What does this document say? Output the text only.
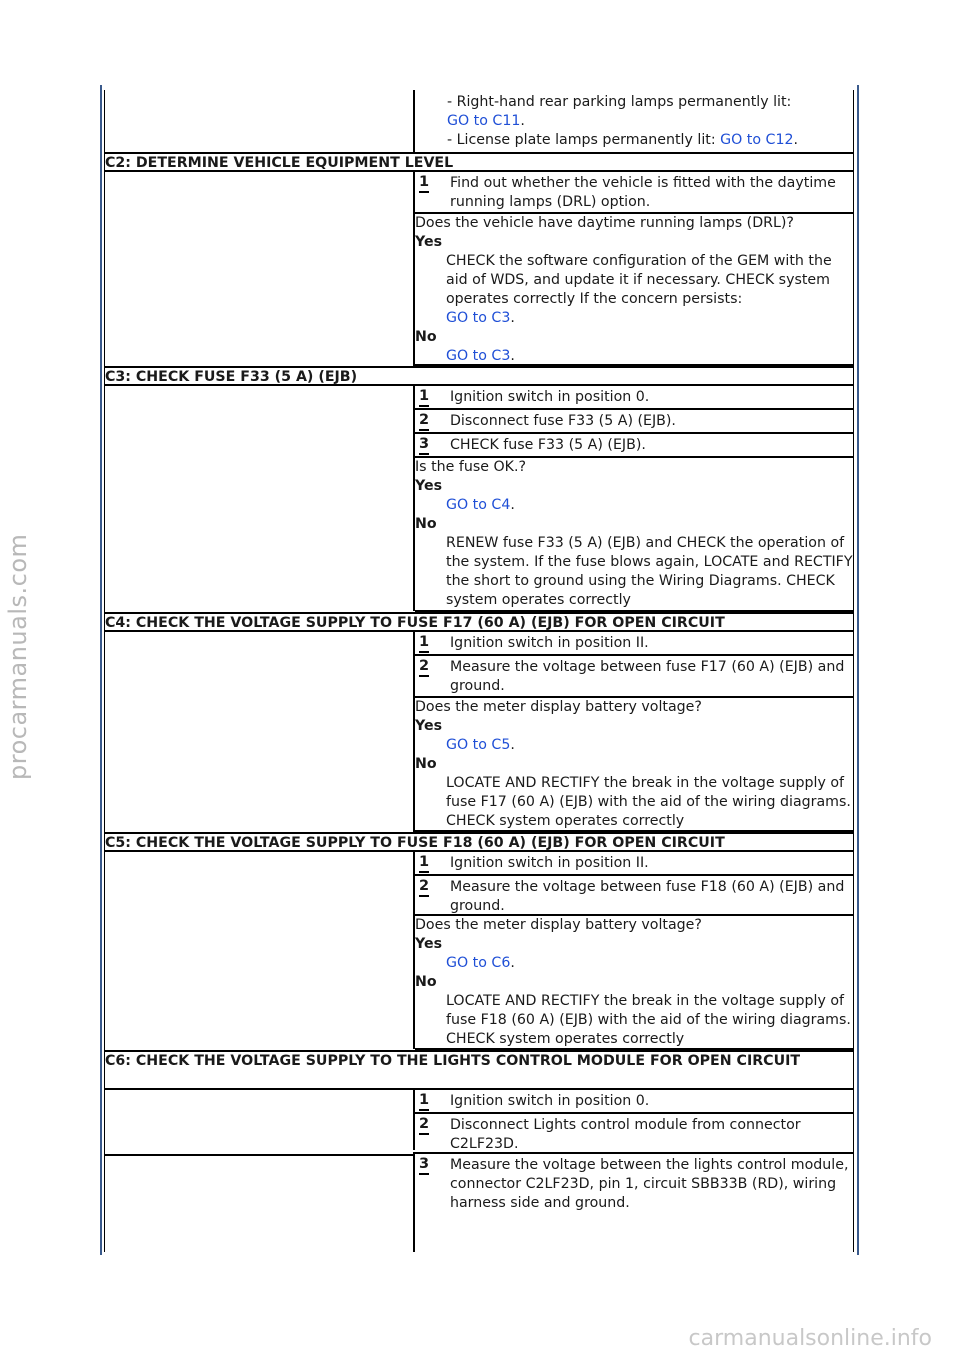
- Right-hand rear parking lamps permanently lit:
GO to C11.
- License plate lamps permanently lit: GO to C12.
C2: DETERMINE VEHICLE EQUIPMENT LEVEL
1 Find out whether the vehicle is fitted with the daytime running lamps (DRL) option.
Does the vehicle have daytime running lamps (DRL)?
Yes
CHECK the software configuration of the GEM with the aid of WDS, and update it if necessary. CHECK system operates correctly If the concern persists:
GO to C3.
No
GO to C3.
C3: CHECK FUSE F33 (5 A) (EJB)
1 Ignition switch in position 0.
2 Disconnect fuse F33 (5 A) (EJB).
3 CHECK fuse F33 (5 A) (EJB).
Is the fuse OK.?
Yes
GO to C4.
No
RENEW fuse F33 (5 A) (EJB) and CHECK the operation of the system. If the fuse blows again, LOCATE and RECTIFY the short to ground using the Wiring Diagrams. CHECK system operates correctly
C4: CHECK THE VOLTAGE SUPPLY TO FUSE F17 (60 A) (EJB) FOR OPEN CIRCUIT
1 Ignition switch in position II.
2 Measure the voltage between fuse F17 (60 A) (EJB) and ground.
Does the meter display battery voltage?
Yes
GO to C5.
No
LOCATE AND RECTIFY the break in the voltage supply of fuse F17 (60 A) (EJB) with the aid of the wiring diagrams. CHECK system operates correctly
C5: CHECK THE VOLTAGE SUPPLY TO FUSE F18 (60 A) (EJB) FOR OPEN CIRCUIT
1 Ignition switch in position II.
2 Measure the voltage between fuse F18 (60 A) (EJB) and ground.
Does the meter display battery voltage?
Yes
GO to C6.
No
LOCATE AND RECTIFY the break in the voltage supply of fuse F18 (60 A) (EJB) with the aid of the wiring diagrams. CHECK system operates correctly
C6: CHECK THE VOLTAGE SUPPLY TO THE LIGHTS CONTROL MODULE FOR OPEN CIRCUIT
1 Ignition switch in position 0.
2 Disconnect Lights control module from connector C2LF23D.
3 Measure the voltage between the lights control module, connector C2LF23D, pin 1, circuit SBB33B (RD), wiring harness side and ground.
procarmanuals.com
carmanualsonline.info
